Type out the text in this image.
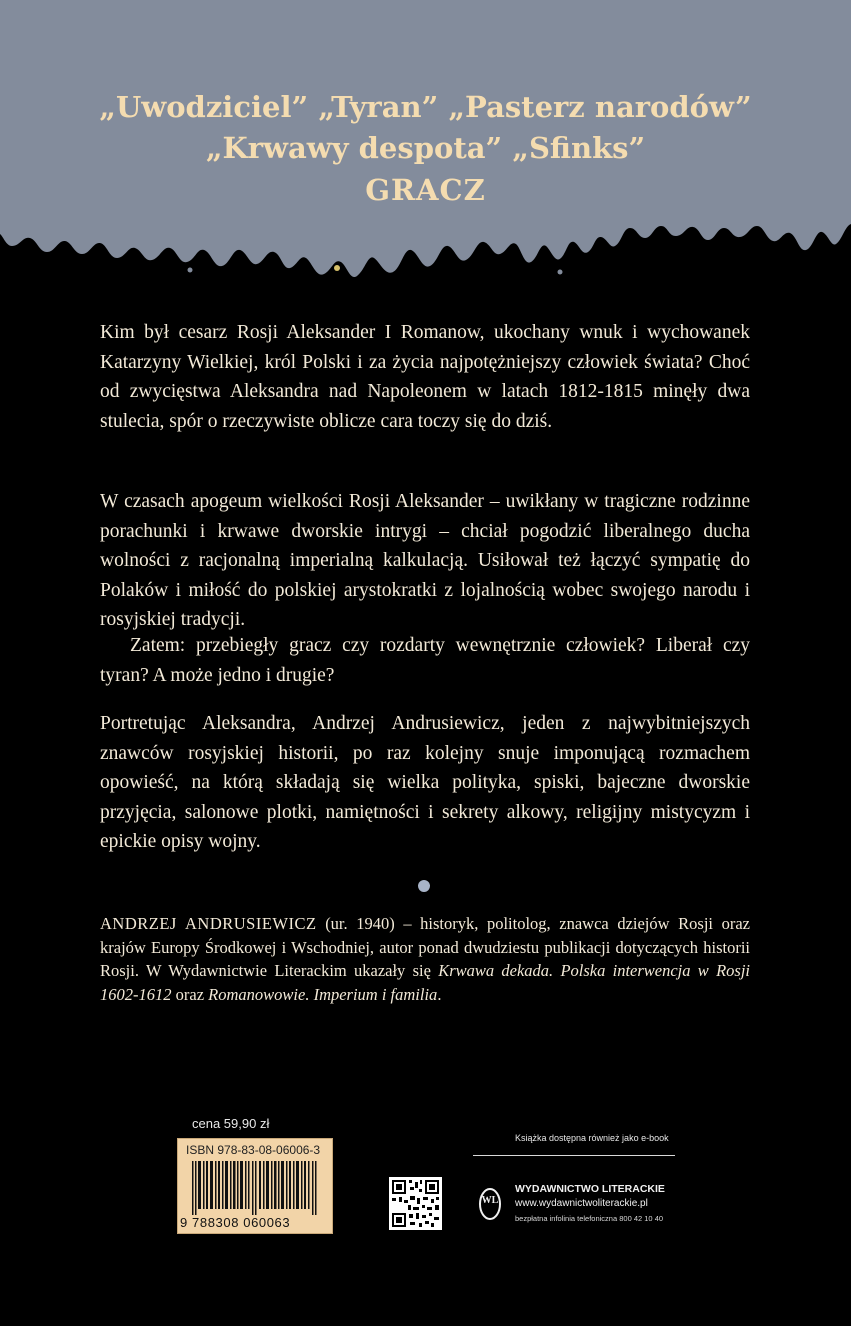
„Uwodziciel” „Tyran” „Pasterz narodów”

„Krwawy despota” „Sfinks”

GRACZ

Kim był cesarz Rosji Aleksander I Romanow, ukochany wnuk i wychowanek Katarzyny Wielkiej, król Polski i za życia najpotężniejszy człowiek świata? Choć od zwycięstwa Aleksandra nad Napoleonem w latach 1812-1815 minęły dwa stulecia, spór o rzeczywiste oblicze cara toczy się do dziś.

W czasach apogeum wielkości Rosji Aleksander – uwikłany w tragiczne rodzinne porachunki i krwawe dworskie intrygi – chciał pogodzić liberalnego ducha wolności z racjonalną imperialną kalkulacją. Usiłował też łączyć sympatię do Polaków i miłość do polskiej arystokratki z lojalnością wobec swojego narodu i rosyjskiej tradycji.

Zatem: przebiegły gracz czy rozdarty wewnętrznie człowiek? Liberał czy tyran? A może jedno i drugie?

Portretując Aleksandra, Andrzej Andrusiewicz, jeden z najwybitniejszych znawców rosyjskiej historii, po raz kolejny snuje imponującą rozmachem opowieść, na którą składają się wielka polityka, spiski, bajeczne dworskie przyjęcia, salonowe plotki, namiętności i sekrety alkowy, religijny mistycyzm i epickie opisy wojny.

ANDRZEJ ANDRUSIEWICZ (ur. 1940) – historyk, politolog, znawca dziejów Rosji oraz krajów Europy Środkowej i Wschodniej, autor ponad dwudziestu publikacji dotyczących historii Rosji. W Wydawnictwie Literackim ukazały się Krwawa dekada. Polska interwencja w Rosji 1602-1612 oraz Romanowowie. Imperium i familia.

cena 59,90 zł
ISBN 978-83-08-06006-3
9 788308 060063
Książka dostępna również jako e-book
WL
WYDAWNICTWO LITERACKIE
www.wydawnictwoliterackie.pl
bezpłatna infolinia telefoniczna 800 42 10 40
